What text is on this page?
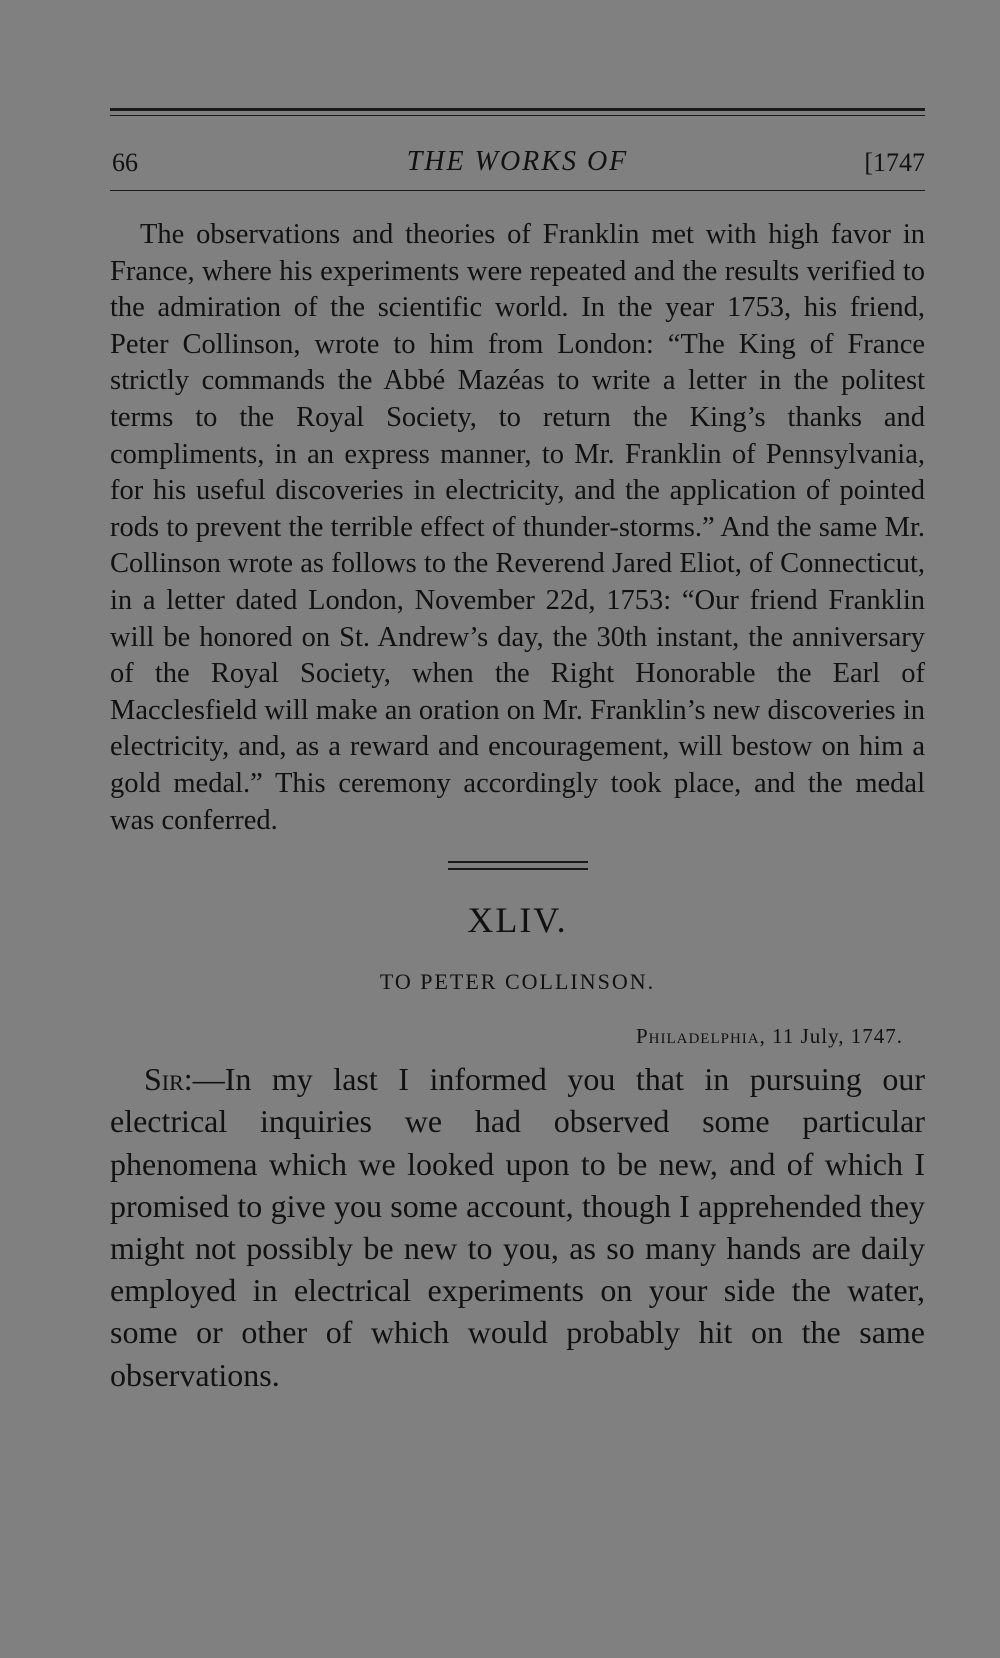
66	THE WORKS OF	[1747

The observations and theories of Franklin met with high favor in France, where his experiments were repeated and the results verified to the admiration of the scientific world. In the year 1753, his friend, Peter Collinson, wrote to him from London: “The King of France strictly commands the Abbé Mazéas to write a letter in the politest terms to the Royal Society, to return the King’s thanks and compliments, in an express manner, to Mr. Franklin of Pennsylvania, for his useful discoveries in electricity, and the application of pointed rods to prevent the terrible effect of thunder-storms.” And the same Mr. Collinson wrote as follows to the Reverend Jared Eliot, of Connecticut, in a letter dated London, November 22d, 1753: “Our friend Franklin will be honored on St. Andrew’s day, the 30th instant, the anniversary of the Royal Society, when the Right Honorable the Earl of Macclesfield will make an oration on Mr. Franklin’s new discoveries in electricity, and, as a reward and encouragement, will bestow on him a gold medal.” This ceremony accordingly took place, and the medal was conferred.

XLIV.
TO PETER COLLINSON.
Philadelphia, 11 July, 1747.

Sir:—In my last I informed you that in pursuing our electrical inquiries we had observed some particular phenomena which we looked upon to be new, and of which I promised to give you some account, though I apprehended they might not possibly be new to you, as so many hands are daily employed in electrical experiments on your side the water, some or other of which would probably hit on the same observations.
